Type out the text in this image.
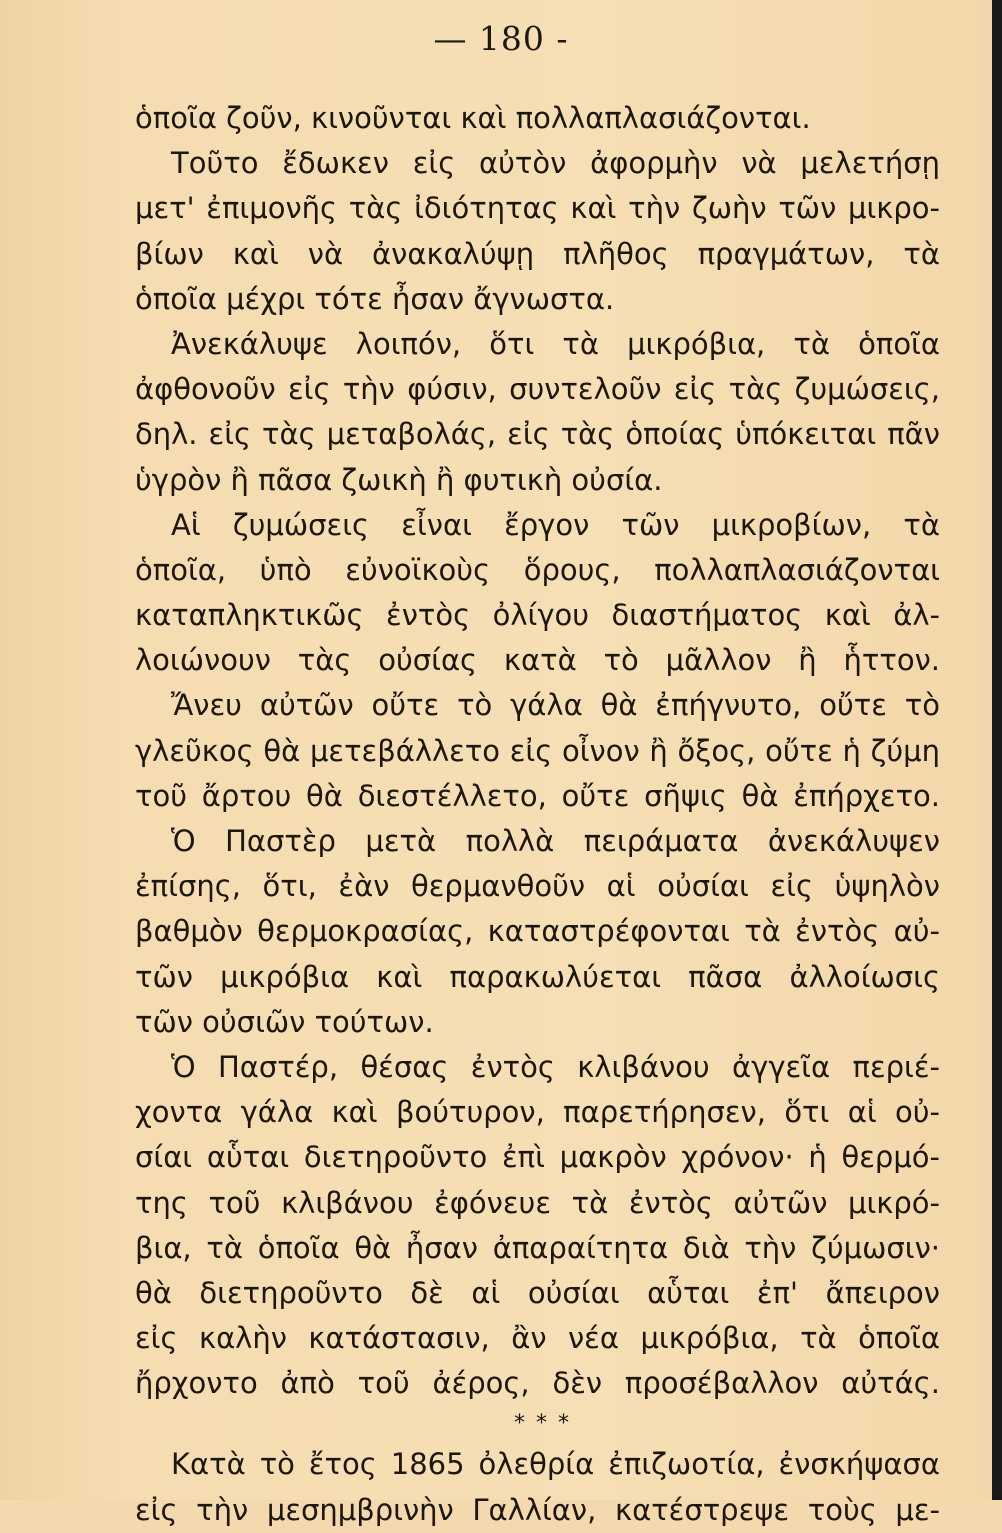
— 180 -
ὁποῖα ζοῦν, κινοῦνται καὶ πολλαπλασιάζονται.
Τοῦτο ἔδωκεν εἰς αὐτὸν ἀφορμὴν νὰ μελετήσῃ
μετ' ἐπιμονῆς τὰς ἰδιότητας καὶ τὴν ζωὴν τῶν μικρο-
βίων καὶ νὰ ἀνακαλύψῃ πλῆθος πραγμάτων, τὰ
ὁποῖα μέχρι τότε ἦσαν ἄγνωστα.
Ἀνεκάλυψε λοιπόν, ὅτι τὰ μικρόβια, τὰ ὁποῖα
ἀφθονοῦν εἰς τὴν φύσιν, συντελοῦν εἰς τὰς ζυμώσεις,
δηλ. εἰς τὰς μεταβολάς, εἰς τὰς ὁποίας ὑπόκειται πᾶν
ὑγρὸν ἢ πᾶσα ζωικὴ ἢ φυτικὴ οὐσία.
Αἱ ζυμώσεις εἶναι ἔργον τῶν μικροβίων, τὰ
ὁποῖα, ὑπὸ εὐνοϊκοὺς ὅρους, πολλαπλασιάζονται
καταπληκτικῶς ἐντὸς ὀλίγου διαστήματος καὶ ἀλ-
λοιώνουν τὰς οὐσίας κατὰ τὸ μᾶλλον ἢ ἧττον.
Ἄνευ αὐτῶν οὔτε τὸ γάλα θὰ ἐπήγνυτο, οὔτε τὸ
γλεῦκος θὰ μετεβάλλετο εἰς οἶνον ἢ ὄξος, οὔτε ἡ ζύμη
τοῦ ἄρτου θὰ διεστέλλετο, οὔτε σῆψις θὰ ἐπήρχετο.
Ὁ Παστὲρ μετὰ πολλὰ πειράματα ἀνεκάλυψεν
ἐπίσης, ὅτι, ἐὰν θερμανθοῦν αἱ οὐσίαι εἰς ὑψηλὸν
βαθμὸν θερμοκρασίας, καταστρέφονται τὰ ἐντὸς αὐ-
τῶν μικρόβια καὶ παρακωλύεται πᾶσα ἀλλοίωσις
τῶν οὐσιῶν τούτων.
Ὁ Παστέρ, θέσας ἐντὸς κλιβάνου ἀγγεῖα περιέ-
χοντα γάλα καὶ βούτυρον, παρετήρησεν, ὅτι αἱ οὐ-
σίαι αὗται διετηροῦντο ἐπὶ μακρὸν χρόνον· ἡ θερμό-
της τοῦ κλιβάνου ἐφόνευε τὰ ἐντὸς αὐτῶν μικρό-
βια, τὰ ὁποῖα θὰ ἦσαν ἀπαραίτητα διὰ τὴν ζύμωσιν·
θὰ διετηροῦντο δὲ αἱ οὐσίαι αὗται ἐπ' ἄπειρον
εἰς καλὴν κατάστασιν, ἂν νέα μικρόβια, τὰ ὁποῖα
ἤρχοντο ἀπὸ τοῦ ἀέρος, δὲν προσέβαλλον αὐτάς.
* * *
Κατὰ τὸ ἔτος 1865 ὀλεθρία ἐπιζωοτία, ἐνσκήψασα
εἰς τὴν μεσημβρινὴν Γαλλίαν, κατέστρεψε τοὺς με-
